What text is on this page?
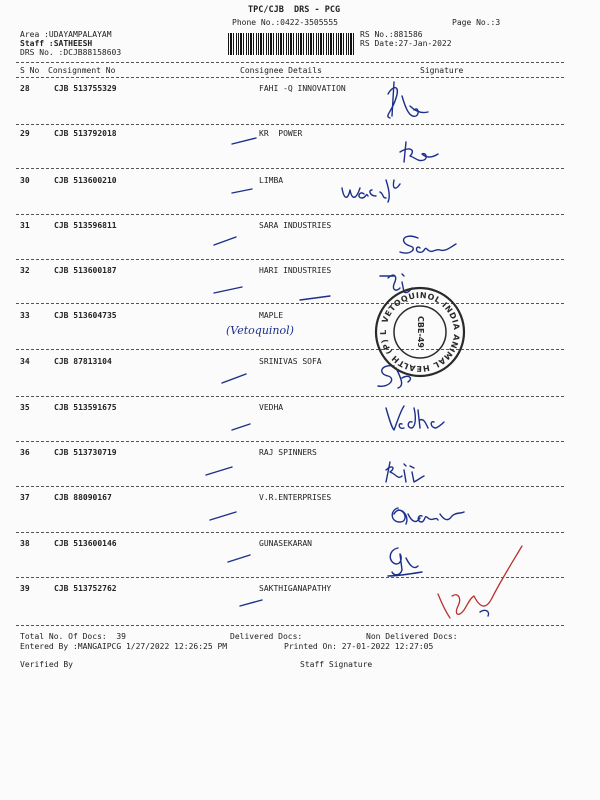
TPC/CJB  DRS - PCG
Phone No.:0422-3505555	Page No.:3
Area :UDAYAMPALAYAM
Staff :SATHEESH
DRS No. :DCJB88158603
RS No.:881586
RS Date:27-Jan-2022
S No Consignment No	Consignee Details	Signature
28	CJB 513755329	FAHI -Q INNOVATION
29	CJB 513792018	KR  POWER
30	CJB 513600210	LIMBA
31	CJB 513596811	SARA INDUSTRIES
32	CJB 513600187	HARI INDUSTRIES
33	CJB 513604735	MAPLE
34	CJB 87813104	SRINIVAS SOFA
35	CJB 513591675	VEDHA
36	CJB 513730719	RAJ SPINNERS
37	CJB 88090167	V.R.ENTERPRISES
38	CJB 513600146	GUNASEKARAN
39	CJB 513752762	SAKTHIGANAPATHY
(Vetoquinol)
VETOQUINOL INDIA ANIMAL HEALTH (P) LTD
CBE-49
Total No. Of Docs:  39	Delivered Docs:	Non Delivered Docs:
Entered By :MANGAIPCG 1/27/2022 12:26:25 PM	Printed On: 27-01-2022 12:27:05
Verified By	Staff Signature
